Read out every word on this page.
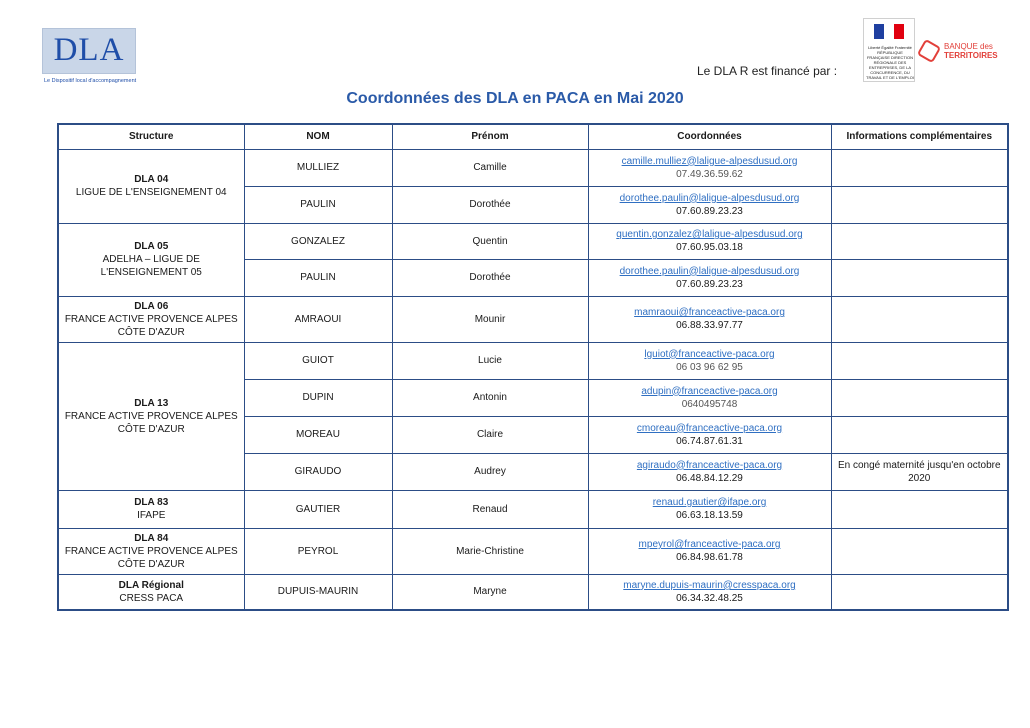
DLA
Le Dispositif local d'accompagnement
Le DLA R est financé par :
Liberté Égalité Fraternité RÉPUBLIQUE FRANÇAISE DIRECTION RÉGIONALE DES ENTREPRISES, DE LA CONCURRENCE, DU TRAVAIL ET DE L'EMPLOI
BANQUE des
TERRITOIRES
Coordonnées des DLA en PACA en Mai 2020
Structure	NOM	Prénom	Coordonnées	Informations complémentaires

DLA 04
LIGUE DE L'ENSEIGNEMENT 04	MULLIEZ	Camille	camille.mulliez@laligue-alpesdusud.org
07.49.36.59.62	

	PAULIN	Dorothée	dorothee.paulin@laligue-alpesdusud.org
07.60.89.23.23	

DLA 05
ADELHA – LIGUE DE L'ENSEIGNEMENT 05	GONZALEZ	Quentin	quentin.gonzalez@laligue-alpesdusud.org
07.60.95.03.18	

	PAULIN	Dorothée	dorothee.paulin@laligue-alpesdusud.org
07.60.89.23.23	

DLA 06
FRANCE ACTIVE PROVENCE ALPES CÔTE D'AZUR	AMRAOUI	Mounir	mamraoui@franceactive-paca.org
06.88.33.97.77	

DLA 13
FRANCE ACTIVE PROVENCE ALPES CÔTE D'AZUR	GUIOT	Lucie	lguiot@franceactive-paca.org
06 03 96 62 95	

	DUPIN	Antonin	adupin@franceactive-paca.org
0640495748	

	MOREAU	Claire	cmoreau@franceactive-paca.org
06.74.87.61.31	

	GIRAUDO	Audrey	agiraudo@franceactive-paca.org
06.48.84.12.29	En congé maternité jusqu'en octobre 2020

DLA 83
IFAPE	GAUTIER	Renaud	renaud.gautier@ifape.org
06.63.18.13.59	

DLA 84
FRANCE ACTIVE PROVENCE ALPES CÔTE D'AZUR	PEYROL	Marie-Christine	mpeyrol@franceactive-paca.org
06.84.98.61.78	

DLA Régional
CRESS PACA	DUPUIS-MAURIN	Maryne	maryne.dupuis-maurin@cresspaca.org
06.34.32.48.25	
